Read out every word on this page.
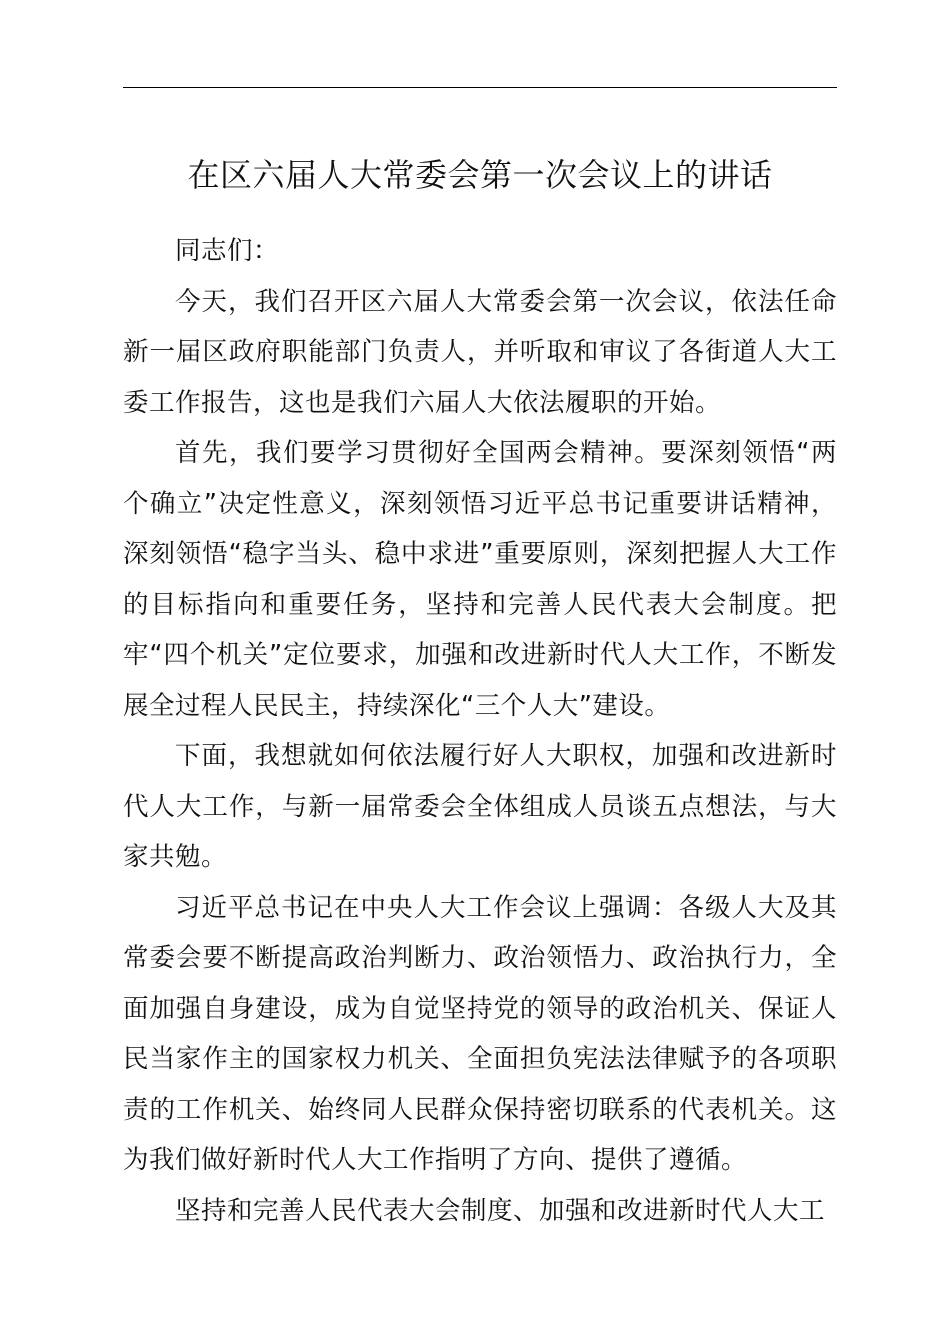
在区六届人大常委会第一次会议上的讲话

同志们：

今天，我们召开区六届人大常委会第一次会议，依法任命新一届区政府职能部门负责人，并听取和审议了各街道人大工委工作报告，这也是我们六届人大依法履职的开始。

首先，我们要学习贯彻好全国两会精神。要深刻领悟“两个确立”决定性意义，深刻领悟习近平总书记重要讲话精神，深刻领悟“稳字当头、稳中求进”重要原则，深刻把握人大工作的目标指向和重要任务，坚持和完善人民代表大会制度。把牢“四个机关”定位要求，加强和改进新时代人大工作，不断发展全过程人民民主，持续深化“三个人大”建设。

下面，我想就如何依法履行好人大职权，加强和改进新时代人大工作，与新一届常委会全体组成人员谈五点想法，与大家共勉。

习近平总书记在中央人大工作会议上强调：各级人大及其常委会要不断提高政治判断力、政治领悟力、政治执行力，全面加强自身建设，成为自觉坚持党的领导的政治机关、保证人民当家作主的国家权力机关、全面担负宪法法律赋予的各项职责的工作机关、始终同人民群众保持密切联系的代表机关。这为我们做好新时代人大工作指明了方向、提供了遵循。

坚持和完善人民代表大会制度、加强和改进新时代人大工
